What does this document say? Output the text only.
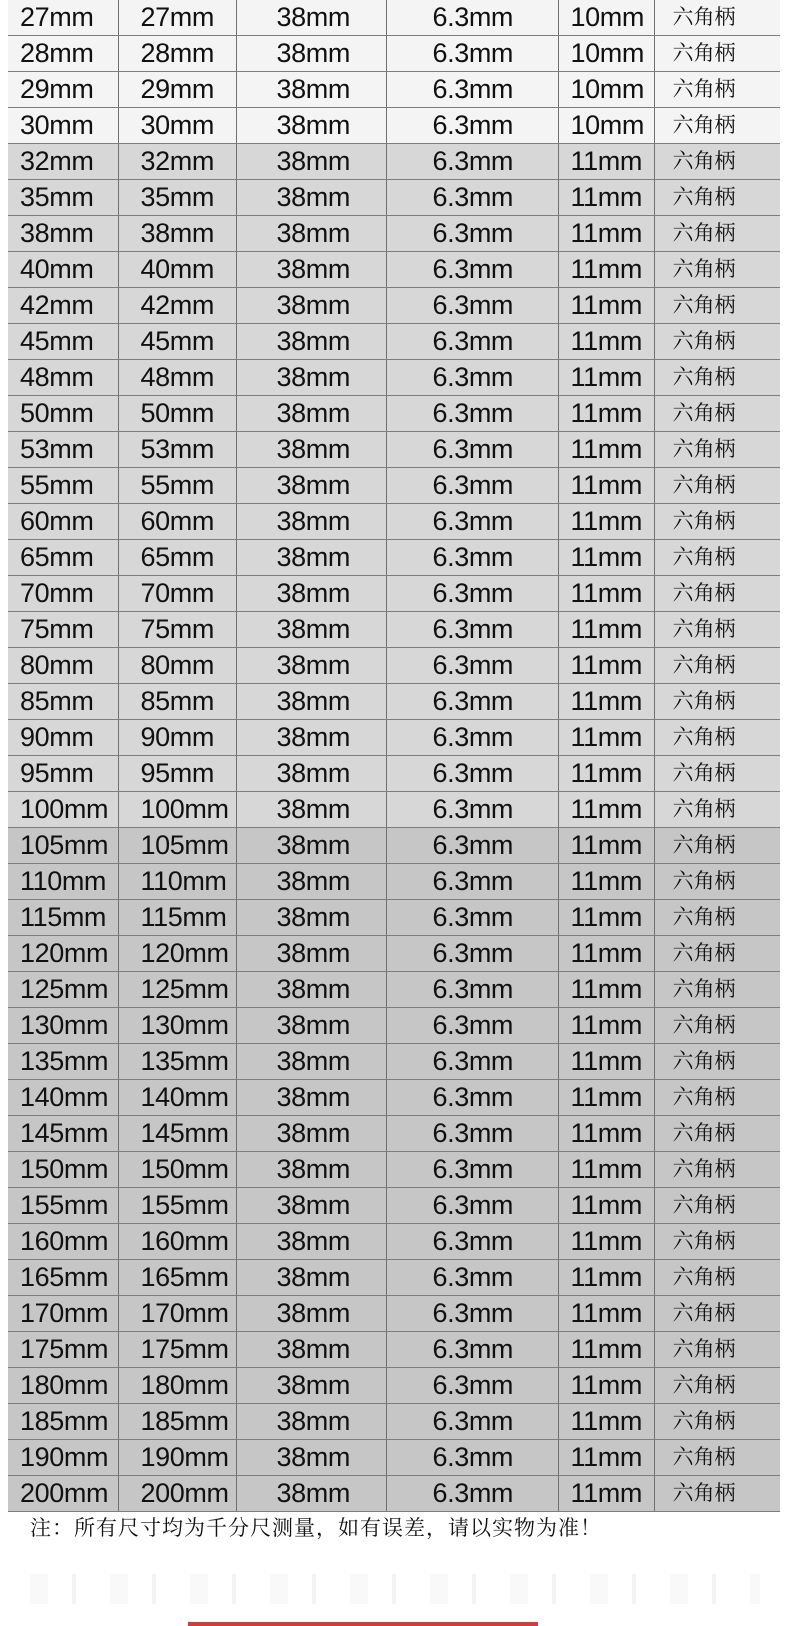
27mm	27mm	38mm	6.3mm	10mm	六角柄
28mm	28mm	38mm	6.3mm	10mm	六角柄
29mm	29mm	38mm	6.3mm	10mm	六角柄
30mm	30mm	38mm	6.3mm	10mm	六角柄
32mm	32mm	38mm	6.3mm	11mm	六角柄
35mm	35mm	38mm	6.3mm	11mm	六角柄
38mm	38mm	38mm	6.3mm	11mm	六角柄
40mm	40mm	38mm	6.3mm	11mm	六角柄
42mm	42mm	38mm	6.3mm	11mm	六角柄
45mm	45mm	38mm	6.3mm	11mm	六角柄
48mm	48mm	38mm	6.3mm	11mm	六角柄
50mm	50mm	38mm	6.3mm	11mm	六角柄
53mm	53mm	38mm	6.3mm	11mm	六角柄
55mm	55mm	38mm	6.3mm	11mm	六角柄
60mm	60mm	38mm	6.3mm	11mm	六角柄
65mm	65mm	38mm	6.3mm	11mm	六角柄
70mm	70mm	38mm	6.3mm	11mm	六角柄
75mm	75mm	38mm	6.3mm	11mm	六角柄
80mm	80mm	38mm	6.3mm	11mm	六角柄
85mm	85mm	38mm	6.3mm	11mm	六角柄
90mm	90mm	38mm	6.3mm	11mm	六角柄
95mm	95mm	38mm	6.3mm	11mm	六角柄
100mm	100mm	38mm	6.3mm	11mm	六角柄
105mm	105mm	38mm	6.3mm	11mm	六角柄
110mm	110mm	38mm	6.3mm	11mm	六角柄
115mm	115mm	38mm	6.3mm	11mm	六角柄
120mm	120mm	38mm	6.3mm	11mm	六角柄
125mm	125mm	38mm	6.3mm	11mm	六角柄
130mm	130mm	38mm	6.3mm	11mm	六角柄
135mm	135mm	38mm	6.3mm	11mm	六角柄
140mm	140mm	38mm	6.3mm	11mm	六角柄
145mm	145mm	38mm	6.3mm	11mm	六角柄
150mm	150mm	38mm	6.3mm	11mm	六角柄
155mm	155mm	38mm	6.3mm	11mm	六角柄
160mm	160mm	38mm	6.3mm	11mm	六角柄
165mm	165mm	38mm	6.3mm	11mm	六角柄
170mm	170mm	38mm	6.3mm	11mm	六角柄
175mm	175mm	38mm	6.3mm	11mm	六角柄
180mm	180mm	38mm	6.3mm	11mm	六角柄
185mm	185mm	38mm	6.3mm	11mm	六角柄
190mm	190mm	38mm	6.3mm	11mm	六角柄
200mm	200mm	38mm	6.3mm	11mm	六角柄
注：所有尺寸均为千分尺测量，如有误差，请以实物为准！
